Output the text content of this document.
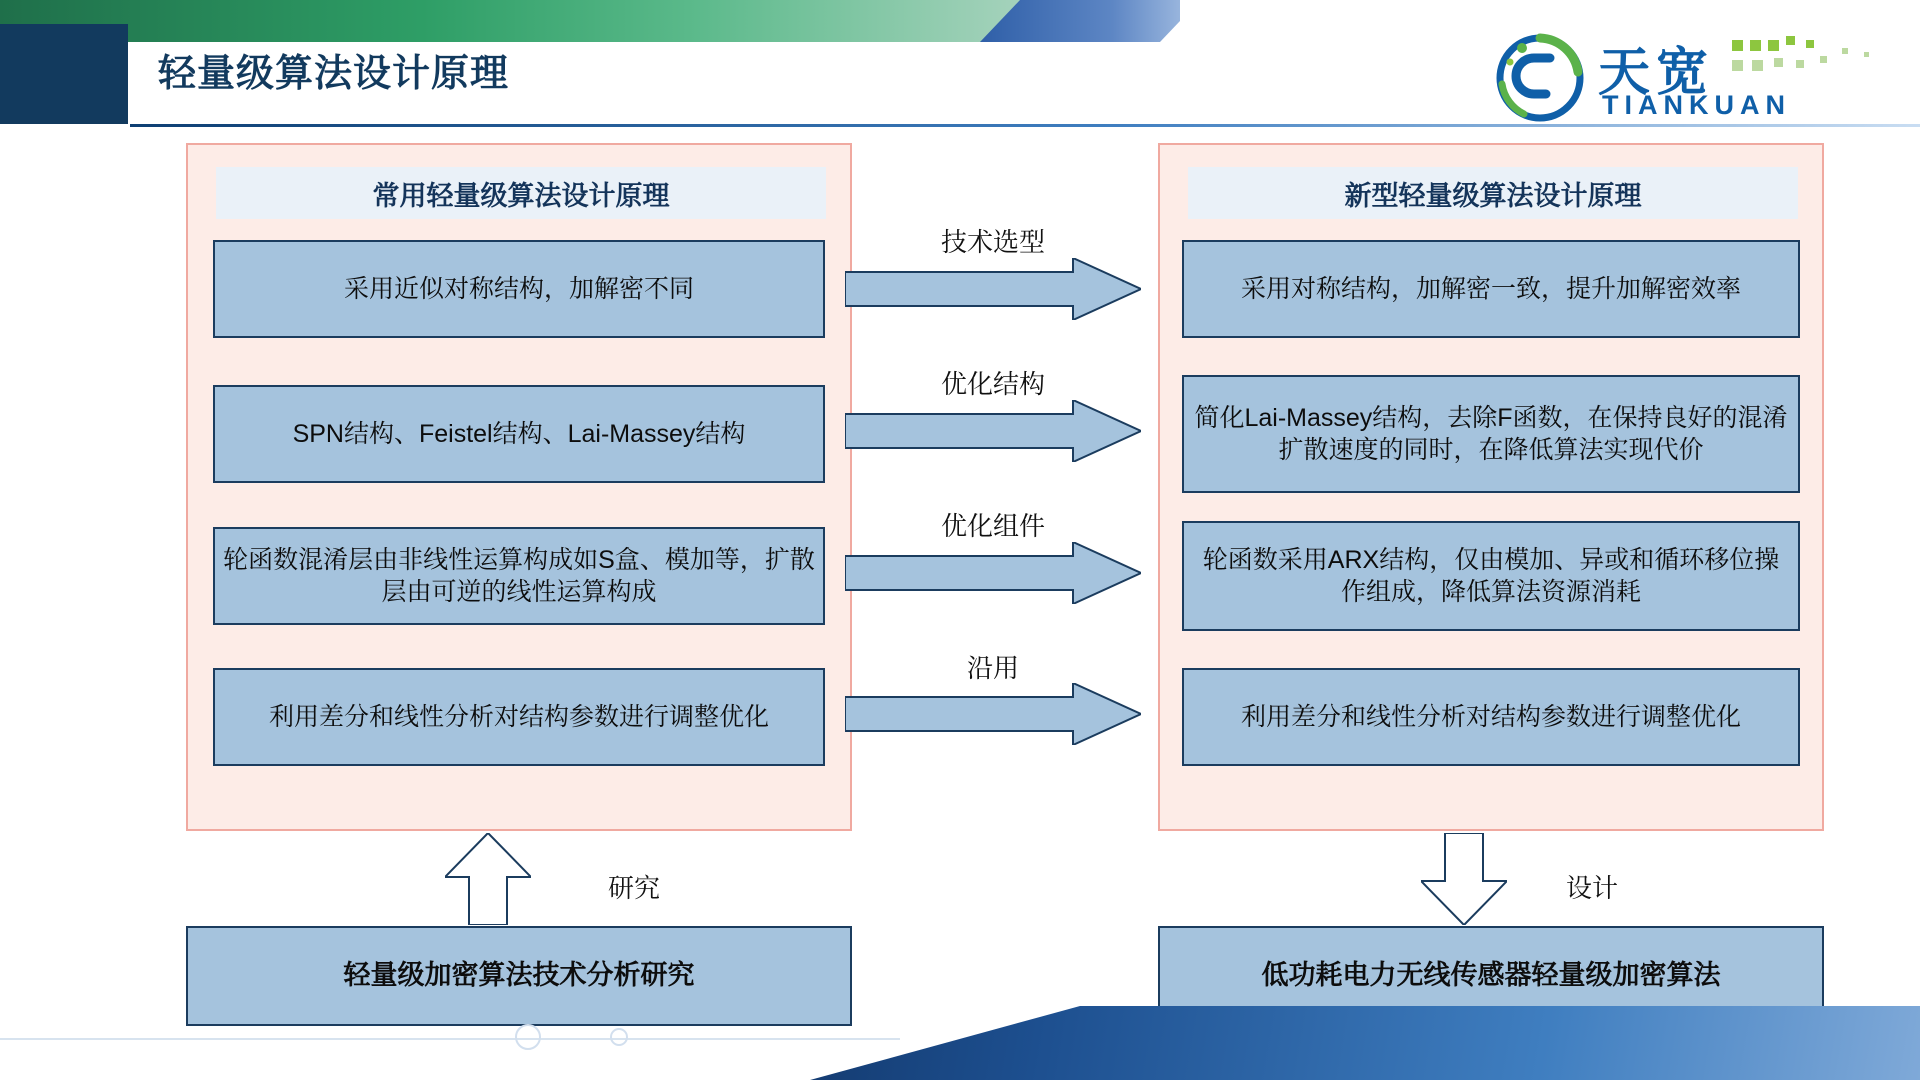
轻量级算法设计原理	天宽
TIANKUAN
常用轻量级算法设计原理
采用近似对称结构，加解密不同
SPN结构、Feistel结构、Lai-Massey结构
轮函数混淆层由非线性运算构成如S盒、模加等，扩散层由可逆的线性运算构成
利用差分和线性分析对结构参数进行调整优化
新型轻量级算法设计原理
采用对称结构，加解密一致，提升加解密效率
简化Lai-Massey结构，去除F函数，在保持良好的混淆扩散速度的同时，在降低算法实现代价
轮函数采用ARX结构，仅由模加、异或和循环移位操作组成，降低算法资源消耗
利用差分和线性分析对结构参数进行调整优化
技术选型
优化结构
优化组件
沿用
研究	设计
轻量级加密算法技术分析研究	低功耗电力无线传感器轻量级加密算法
